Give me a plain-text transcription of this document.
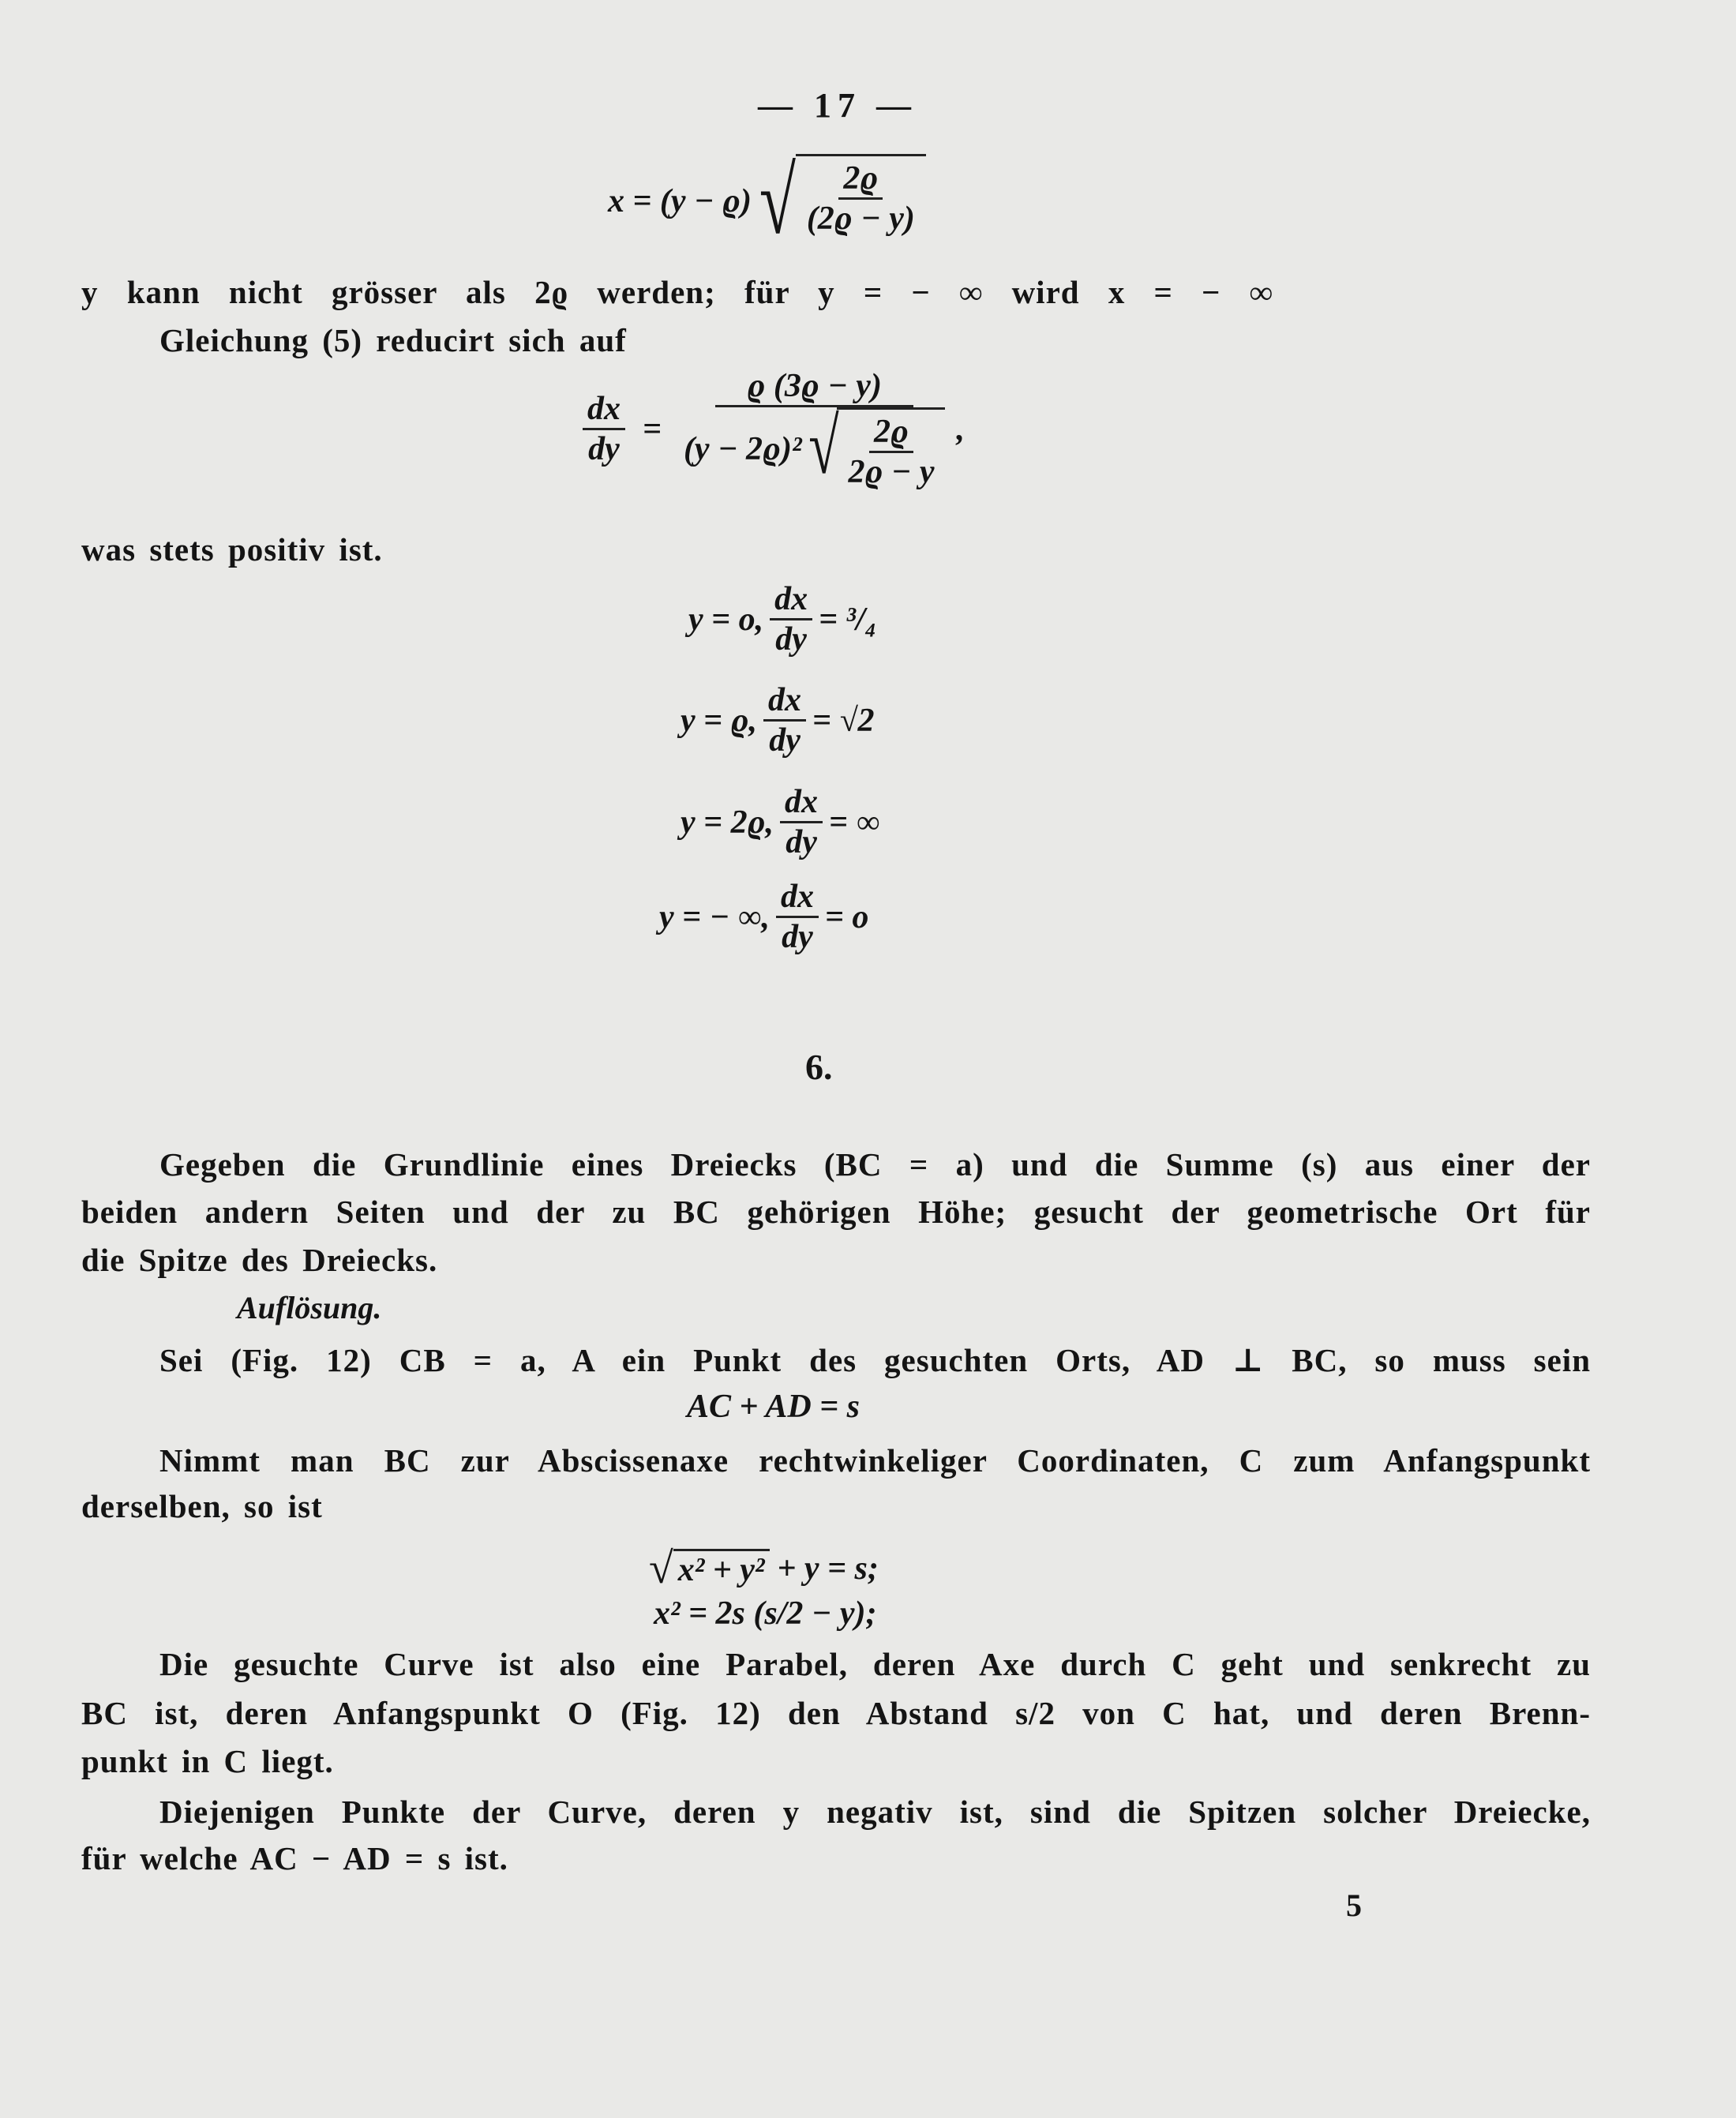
— 17 —
x = (y − ϱ) √ $\frac{2ϱ}{(2ϱ - y)}$
y kann nicht grösser als 2ϱ werden; für y = − ∞ wird x = − ∞
Gleichung (5) reducirt sich auf
$\frac{dx}{dy} = \frac{ϱ (3ϱ - y)}{(y - 2ϱ)^2 √ \frac{2ϱ}{2ϱ - y}}$ ,
was stets positiv ist.
y = o, $\frac{dx}{dy} = ^3/_4$
y = ϱ, $\frac{dx}{dy} = √2$
y = 2ϱ, $\frac{dx}{dy}$ = ∞
y = − ∞, $\frac{dx}{dy} = o$
6.
Gegeben die Grundlinie eines Dreiecks (BC = a) und die Summe (s) aus einer der
beiden andern Seiten und der zu BC gehörigen Höhe; gesucht der geometrische Ort für
die Spitze des Dreiecks.
Auflösung.
Sei (Fig. 12) CB = a, A ein Punkt des gesuchten Orts, AD ⊥ BC, so muss sein
AC + AD = s
Nimmt man BC zur Abscissenaxe rechtwinkeliger Coordinaten, C zum Anfangspunkt
derselben, so ist
√ x² + y² + y = s;
x² = 2s (s/2 − y);
Die gesuchte Curve ist also eine Parabel, deren Axe durch C geht und senkrecht zu
BC ist, deren Anfangspunkt O (Fig. 12) den Abstand s/2 von C hat, und deren Brenn-
punkt in C liegt.
Diejenigen Punkte der Curve, deren y negativ ist, sind die Spitzen solcher Dreiecke,
für welche AC − AD = s ist.
5
